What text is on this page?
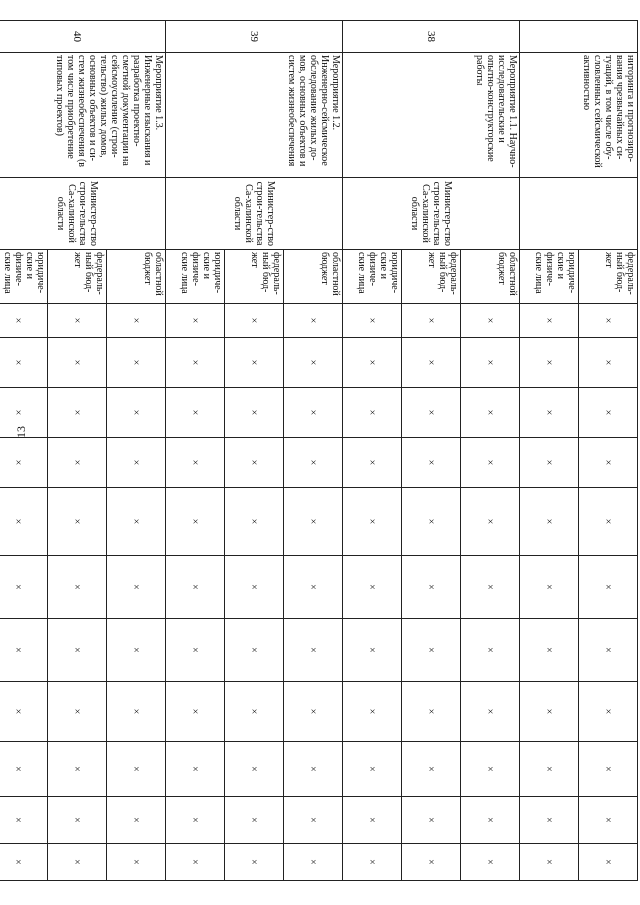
13
	ниторинга и прогнозиро-вания чрезвычайных си-туаций, в том числе обу-словленных сейсмической активностью		федераль-ный бюд-жет	×	×	×	×	×	×	×	×	×	×	×
			юридиче-ские и физиче-ские лица	×	×	×	×	×	×	×	×	×	×	×
38	Мероприятие 1.1. Научно-исследовательские и опытно-конструкторские работы	Министер-ство строи-тельства Са-халинской области	областной бюджет	×	×	×	×	×	×	×	×	×	×	×
			федераль-ный бюд-жет	×	×	×	×	×	×	×	×	×	×	×
			юридиче-ские и физиче-ские лица	×	×	×	×	×	×	×	×	×	×	×
39	Мероприятие 1.2. Инженерно-сейсмическое обследование жилых до-мов, основных объектов и систем жизнеобеспечения	Министер-ство строи-тельства Са-халинской области	областной бюджет	×	×	×	×	×	×	×	×	×	×	×
			федераль-ный бюд-жет	×	×	×	×	×	×	×	×	×	×	×
			юридиче-ские и физиче-ские лица	×	×	×	×	×	×	×	×	×	×	×
40	Мероприятие 1.3. Инженерные изыскания и разработка проектно-сметной документации на сейсмоусиление (строи-тельство) жилых домов, основных объектов и си-стем жизнеобеспечения (в том числе приобретение типовых проектов)	Министер-ство строи-тельства Са-халинской области	областной бюджет	×	×	×	×	×	×	×	×	×	×	×
			федераль-ный бюд-жет	×	×	×	×	×	×	×	×	×	×	×
			юридиче-ские и физиче-ские лица	×	×	×	×	×	×	×	×	×	×	×
